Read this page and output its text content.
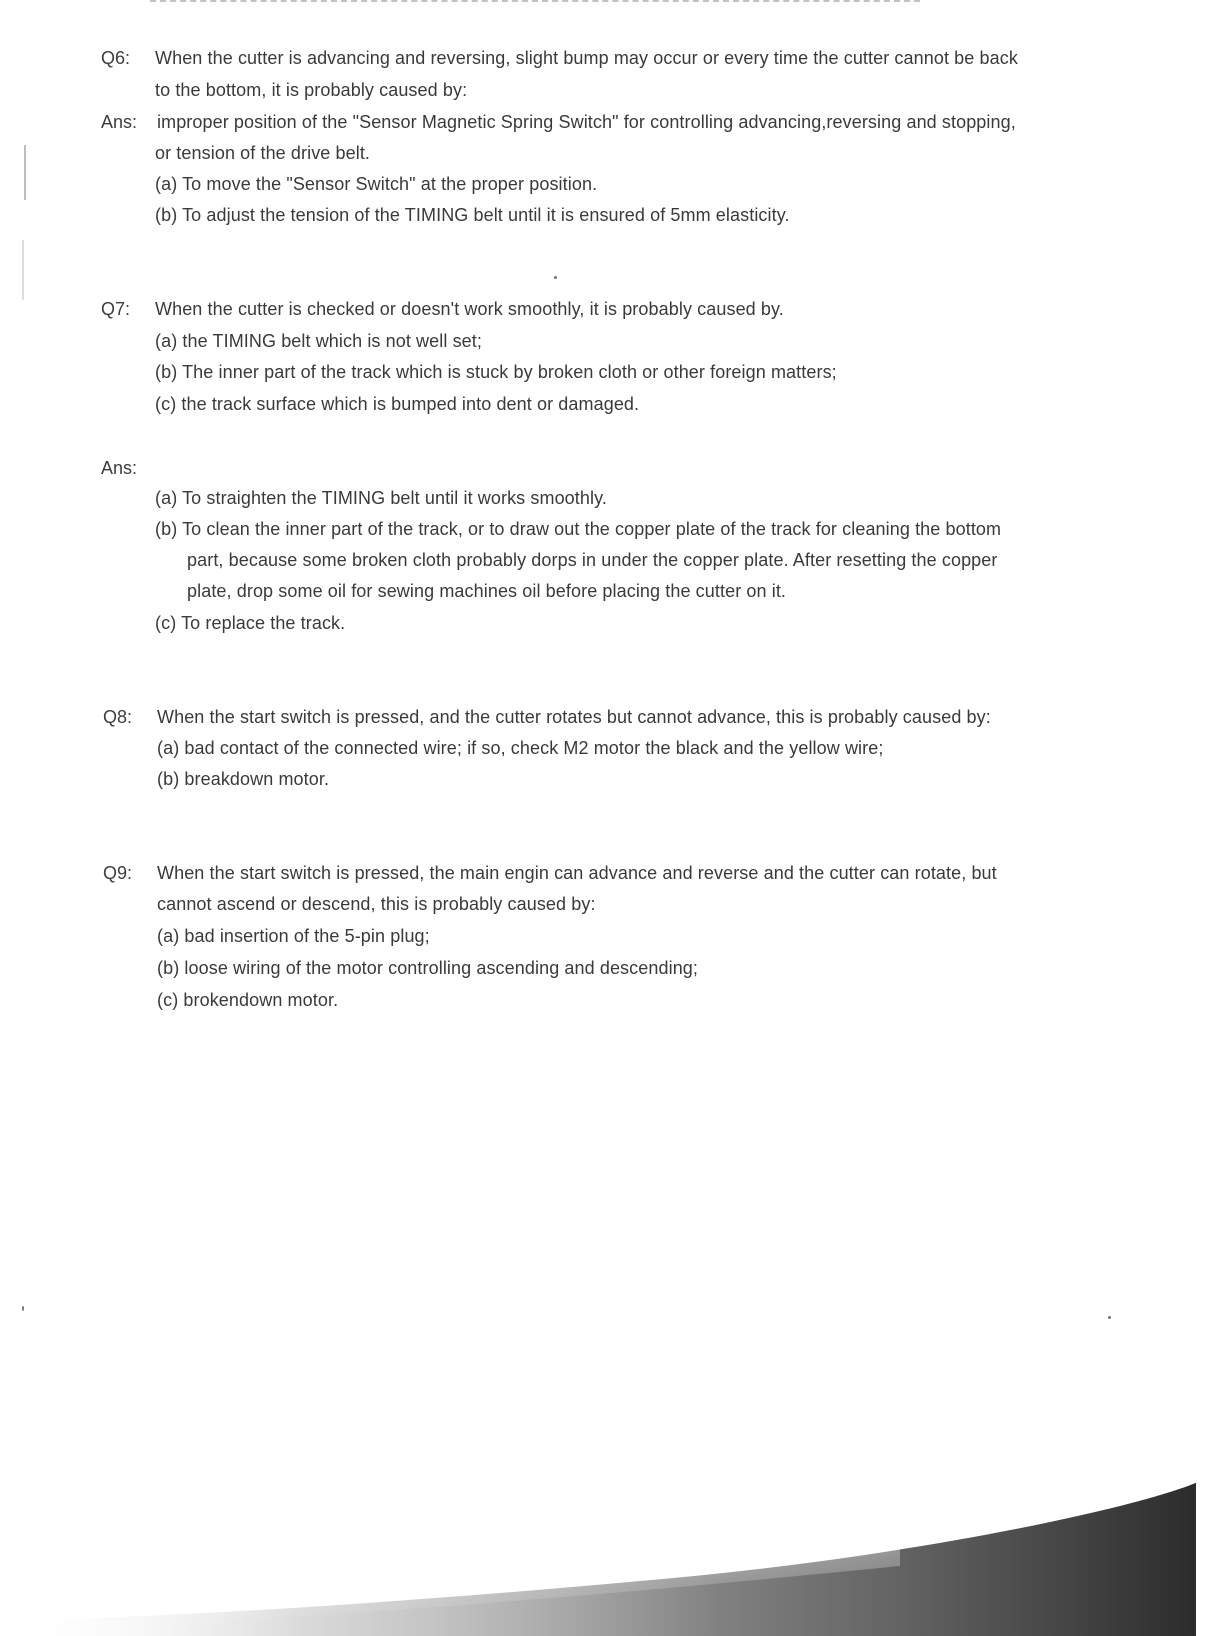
Q6: When the cutter is advancing and reversing, slight bump may occur or every time the cutter cannot be back
to the bottom, it is probably caused by:
Ans: improper position of the "Sensor Magnetic Spring Switch" for controlling advancing,reversing and stopping,
or tension of the drive belt.
(a) To move the "Sensor Switch" at the proper position.
(b) To adjust the tension of the TIMING belt until it is ensured of 5mm elasticity.
Q7: When the cutter is checked or doesn't work smoothly, it is probably caused by.
(a) the TIMING belt which is not well set;
(b) The inner part of the track which is stuck by broken cloth or other foreign matters;
(c) the track surface which is bumped into dent or damaged.
Ans:
(a) To straighten the TIMING belt until it works smoothly.
(b) To clean the inner part of the track, or to draw out the copper plate of the track for cleaning the bottom
part, because some broken cloth probably dorps in under the copper plate. After resetting the copper
plate, drop some oil for sewing machines oil before placing the cutter on it.
(c) To replace the track.
Q8: When the start switch is pressed, and the cutter rotates but cannot advance, this is probably caused by:
(a) bad contact of the connected wire; if so, check M2 motor the black and the yellow wire;
(b) breakdown motor.
Q9: When the start switch is pressed, the main engin can advance and reverse and the cutter can rotate, but
cannot ascend or descend, this is probably caused by:
(a) bad insertion of the 5-pin plug;
(b) loose wiring of the motor controlling ascending and descending;
(c) brokendown motor.
